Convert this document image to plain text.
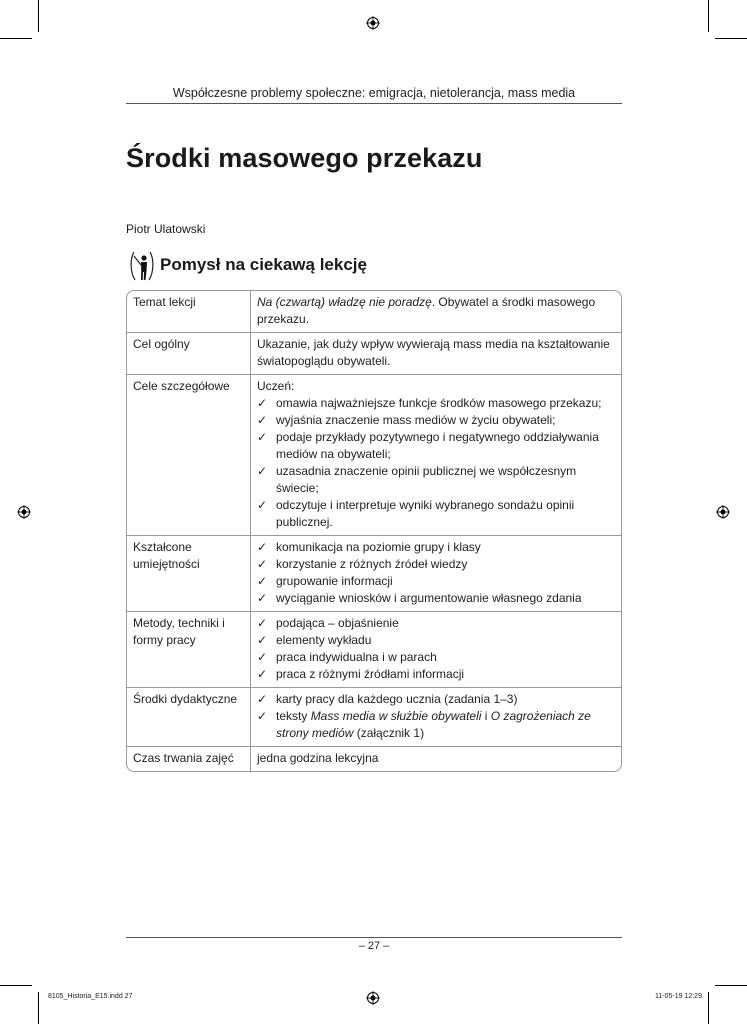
Współczesne problemy społeczne: emigracja, nietolerancja, mass media
Środki masowego przekazu
Piotr Ulatowski
Pomysł na ciekawą lekcję
Temat lekcji	Na (czwartą) władzę nie poradzę. Obywatel a środki masowego przekazu.
Cel ogólny	Ukazanie, jak duży wpływ wywierają mass media na kształtowanie światopoglądu obywateli.
Cele szczegółowe	Uczeń:
✓ omawia najważniejsze funkcje środków masowego przekazu;
✓ wyjaśnia znaczenie mass mediów w życiu obywateli;
✓ podaje przykłady pozytywnego i negatywnego oddziaływania mediów na obywateli;
✓ uzasadnia znaczenie opinii publicznej we współczesnym świecie;
✓ odczytuje i interpretuje wyniki wybranego sondażu opinii publicznej.
Kształcone umiejętności
✓ komunikacja na poziomie grupy i klasy
✓ korzystanie z różnych źródeł wiedzy
✓ grupowanie informacji
✓ wyciąganie wniosków i argumentowanie własnego zdania
Metody, techniki i formy pracy
✓ podająca – objaśnienie
✓ elementy wykładu
✓ praca indywidualna i w parach
✓ praca z różnymi źródłami informacji
Środki dydaktyczne
✓	karty pracy dla każdego ucznia (zadania 1–3)
✓ teksty Mass media w służbie obywateli i O zagrożeniach ze strony mediów (załącznik 1)
Czas trwania zajęć	jedna godzina lekcyjna
– 27 –
8105_Historia_E15.indd 27	11-05-19 12:29
